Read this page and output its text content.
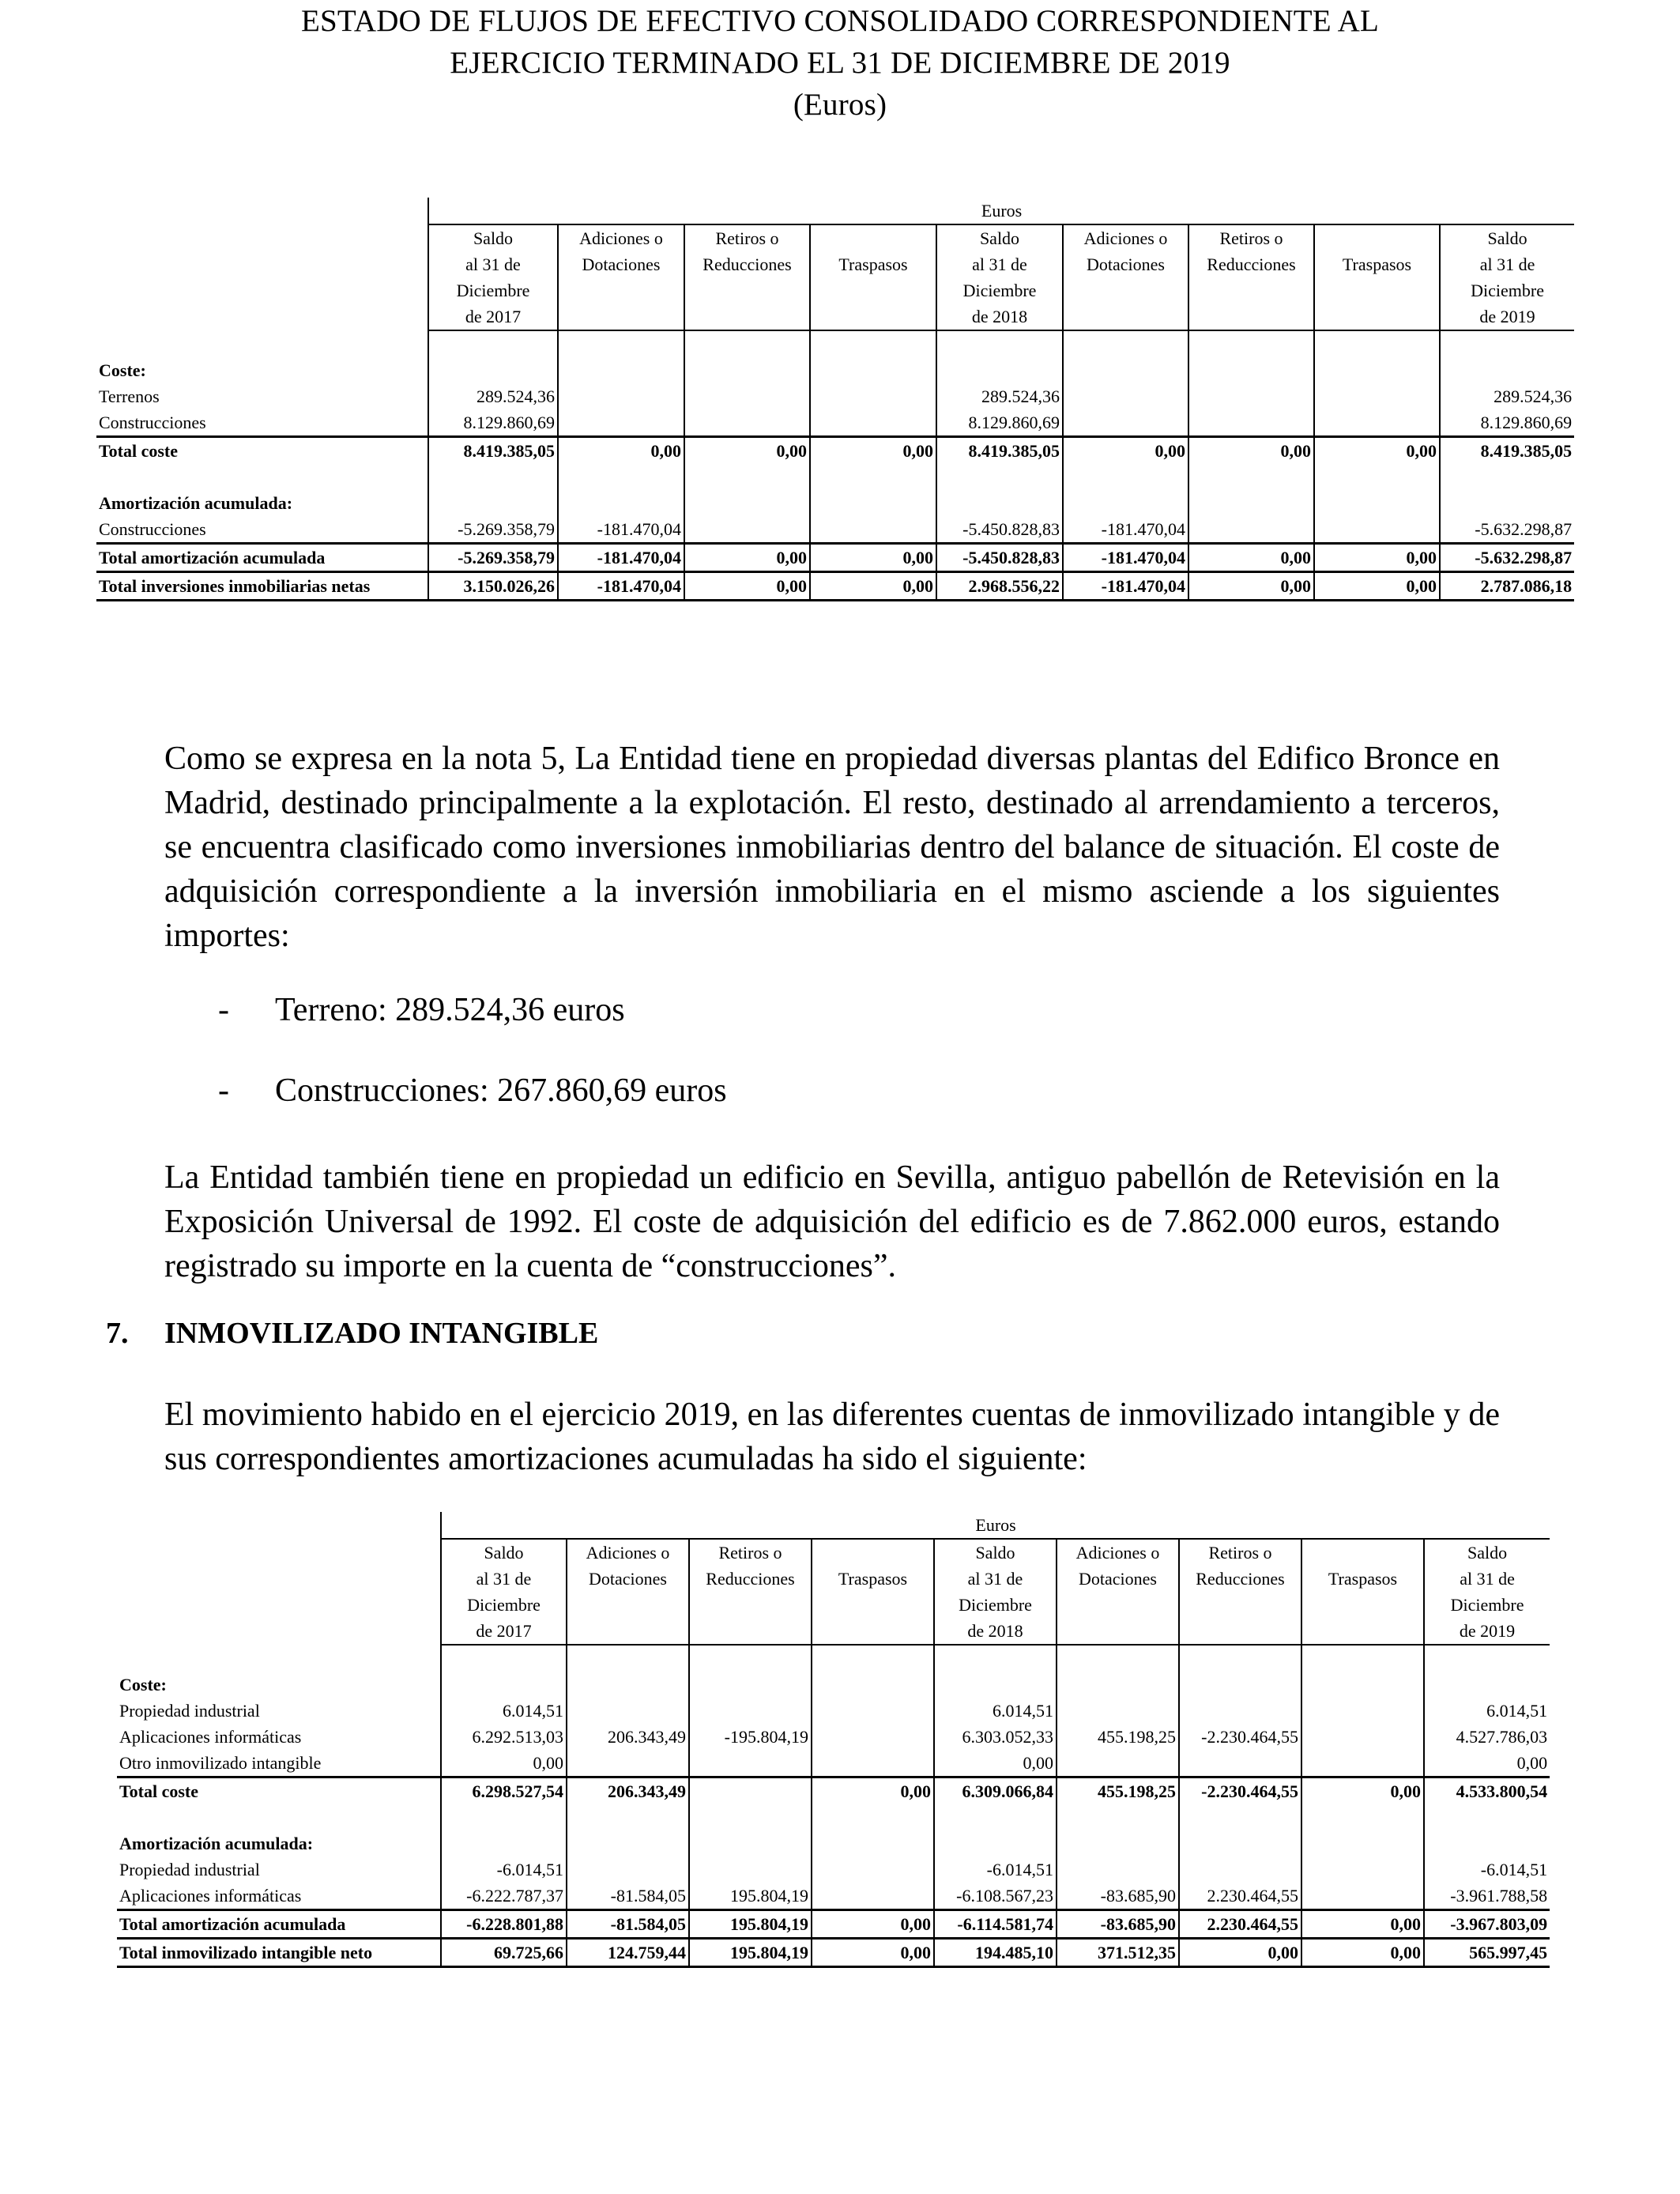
ESTADO DE FLUJOS DE EFECTIVO CONSOLIDADO CORRESPONDIENTE AL
EJERCICIO TERMINADO EL 31 DE DICIEMBRE DE 2019
(Euros)
	Euros								
	Saldo	Adiciones o	Retiros o		Saldo	Adiciones o	Retiros o		Saldo
	al 31 de	Dotaciones	Reducciones	Traspasos	al 31 de	Dotaciones	Reducciones	Traspasos	al 31 de
	Diciembre				Diciembre				Diciembre
	de 2017				de 2018				de 2019

Coste:									
Terrenos	289.524,36				289.524,36				289.524,36
Construcciones	8.129.860,69				8.129.860,69				8.129.860,69
Total coste	8.419.385,05	0,00	0,00	0,00	8.419.385,05	0,00	0,00	0,00	8.419.385,05

Amortización acumulada:									
Construcciones	-5.269.358,79	-181.470,04			-5.450.828,83	-181.470,04			-5.632.298,87
Total amortización acumulada	-5.269.358,79	-181.470,04	0,00	0,00	-5.450.828,83	-181.470,04	0,00	0,00	-5.632.298,87
Total inversiones inmobiliarias netas	3.150.026,26	-181.470,04	0,00	0,00	2.968.556,22	-181.470,04	0,00	0,00	2.787.086,18

Como se expresa en la nota 5, La Entidad tiene en propiedad diversas plantas del Edifico Bronce en Madrid, destinado principalmente a la explotación. El resto, destinado al arrendamiento a terceros, se encuentra clasificado como inversiones inmobiliarias dentro del balance de situación. El coste de adquisición correspondiente a la inversión inmobiliaria en el mismo asciende a los siguientes importes:

- Terreno: 289.524,36 euros
- Construcciones: 267.860,69 euros

La Entidad también tiene en propiedad un edificio en Sevilla, antiguo pabellón de Retevisión en la Exposición Universal de 1992. El coste de adquisición del edificio es de 7.862.000 euros, estando registrado su importe en la cuenta de “construcciones”.

7. INMOVILIZADO INTANGIBLE

El movimiento habido en el ejercicio 2019, en las diferentes cuentas de inmovilizado intangible y de sus correspondientes amortizaciones acumuladas ha sido el siguiente:

	Euros								
	Saldo	Adiciones o	Retiros o		Saldo	Adiciones o	Retiros o		Saldo
	al 31 de	Dotaciones	Reducciones	Traspasos	al 31 de	Dotaciones	Reducciones	Traspasos	al 31 de
	Diciembre				Diciembre				Diciembre
	de 2017				de 2018				de 2019

Coste:									
Propiedad industrial	6.014,51				6.014,51				6.014,51
Aplicaciones informáticas	6.292.513,03	206.343,49	-195.804,19		6.303.052,33	455.198,25	-2.230.464,55		4.527.786,03
Otro inmovilizado intangible	0,00				0,00				0,00
Total coste	6.298.527,54	206.343,49		0,00	6.309.066,84	455.198,25	-2.230.464,55	0,00	4.533.800,54

Amortización acumulada:									
Propiedad industrial	-6.014,51				-6.014,51				-6.014,51
Aplicaciones informáticas	-6.222.787,37	-81.584,05	195.804,19		-6.108.567,23	-83.685,90	2.230.464,55		-3.961.788,58
Total amortización acumulada	-6.228.801,88	-81.584,05	195.804,19	0,00	-6.114.581,74	-83.685,90	2.230.464,55	0,00	-3.967.803,09
Total inmovilizado intangible neto	69.725,66	124.759,44	195.804,19	0,00	194.485,10	371.512,35	0,00	0,00	565.997,45
